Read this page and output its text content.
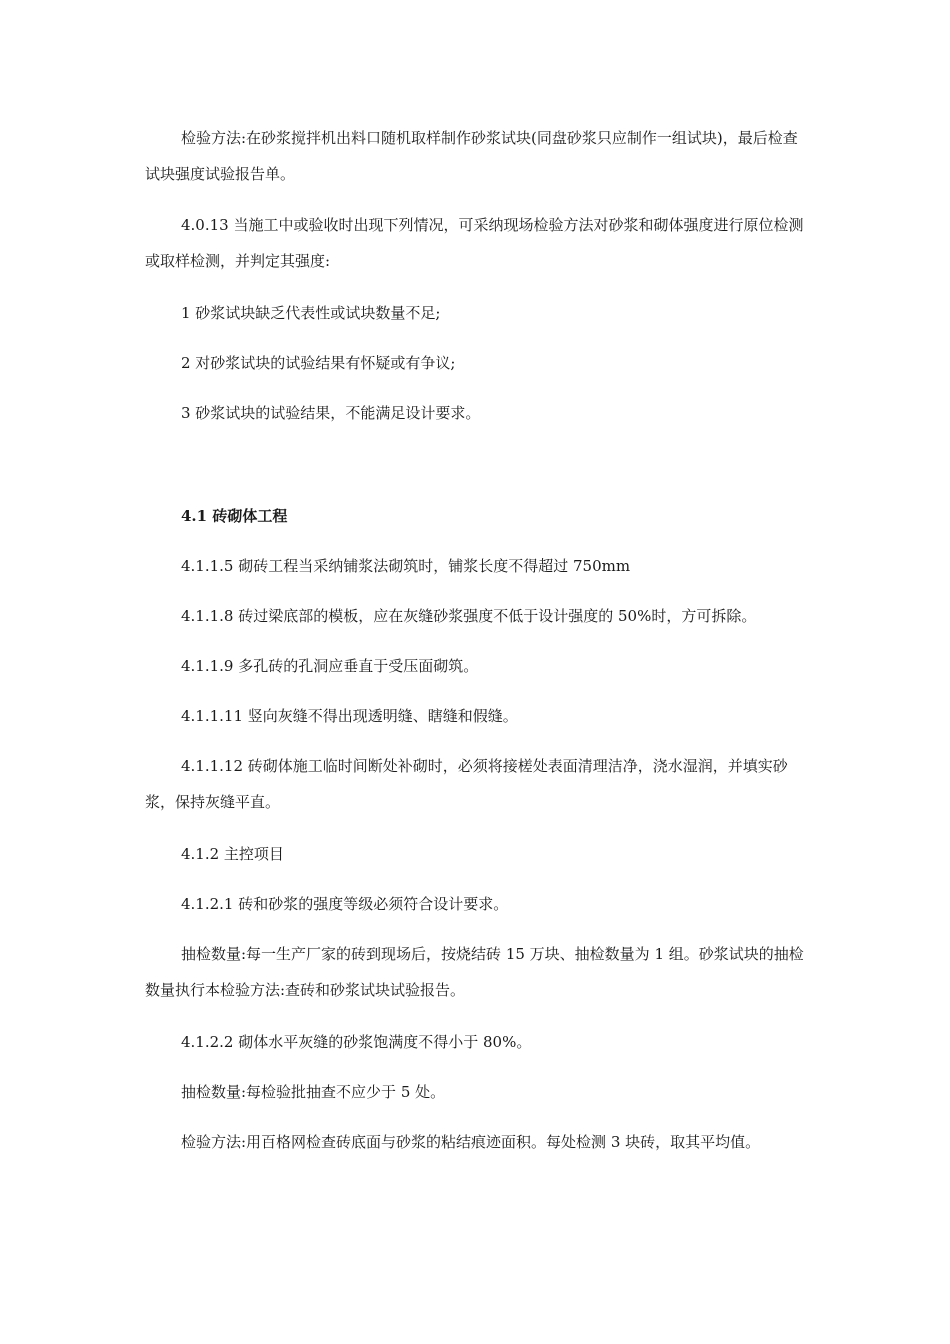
检验方法:在砂浆搅拌机出料口随机取样制作砂浆试块(同盘砂浆只应制作一组试块)，最后检查试块强度试验报告单。

4.0.13 当施工中或验收时出现下列情况，可采纳现场检验方法对砂浆和砌体强度进行原位检测或取样检测，并判定其强度:

1 砂浆试块缺乏代表性或试块数量不足;

2 对砂浆试块的试验结果有怀疑或有争议;

3 砂浆试块的试验结果，不能满足设计要求。

4.1 砖砌体工程

4.1.1.5 砌砖工程当采纳铺浆法砌筑时，铺浆长度不得超过 750mm

4.1.1.8 砖过梁底部的模板，应在灰缝砂浆强度不低于设计强度的 50%时，方可拆除。

4.1.1.9 多孔砖的孔洞应垂直于受压面砌筑。

4.1.1.11 竖向灰缝不得出现透明缝、瞎缝和假缝。

4.1.1.12 砖砌体施工临时间断处补砌时，必须将接槎处表面清理洁净，浇水湿润，并填实砂浆，保持灰缝平直。

4.1.2 主控项目

4.1.2.1 砖和砂浆的强度等级必须符合设计要求。

抽检数量:每一生产厂家的砖到现场后，按烧结砖 15 万块、抽检数量为 1 组。砂浆试块的抽检数量执行本检验方法:查砖和砂浆试块试验报告。

4.1.2.2 砌体水平灰缝的砂浆饱满度不得小于 80%。

抽检数量:每检验批抽查不应少于 5 处。

检验方法:用百格网检查砖底面与砂浆的粘结痕迹面积。每处检测 3 块砖，取其平均值。
